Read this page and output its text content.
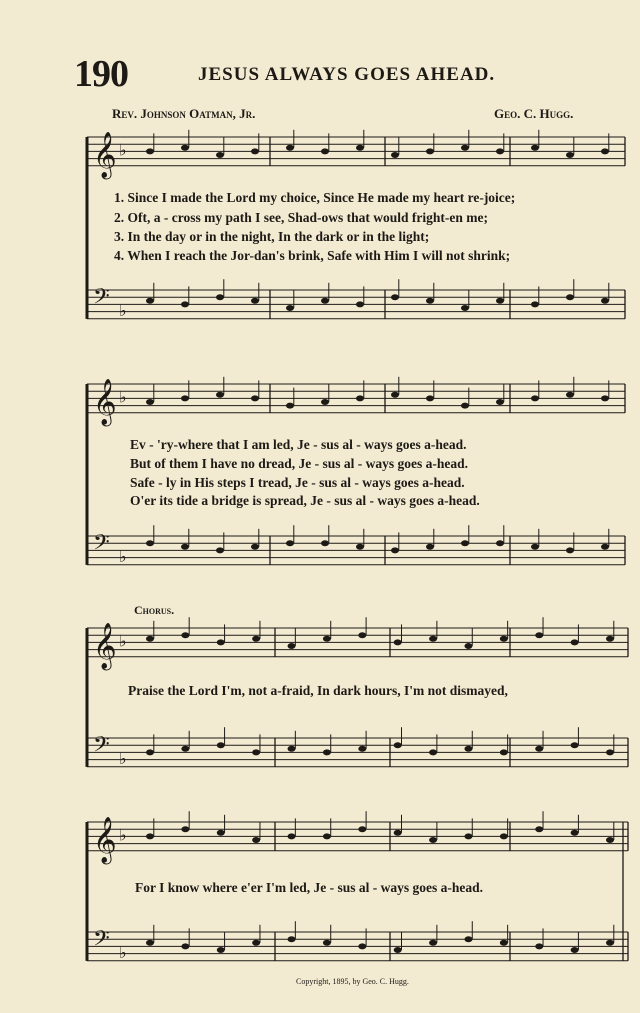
190	JESUS ALWAYS GOES AHEAD.
Rev. Johnson Oatman, Jr.	Geo. C. Hugg.
𝄞 ♭
𝄢 ♭
𝄞 ♭
𝄢 ♭
𝄞 ♭
𝄢 ♭
𝄞 ♭
𝄢 ♭
1. Since I made the Lord my choice, Since He made my heart re-joice;
2. Oft, a - cross my path I see, Shad-ows that would fright-en me;
3. In the day or in the night, In the dark or in the light;
4. When I reach the Jor-dan's brink, Safe with Him I will not shrink;
Ev - 'ry-where that I am led, Je - sus al - ways goes a-head.
But of them I have no dread, Je - sus al - ways goes a-head.
Safe - ly in His steps I tread, Je - sus al - ways goes a-head.
O'er its tide a bridge is spread, Je - sus al - ways goes a-head.
Chorus.
Praise the Lord I'm, not a-fraid, In dark hours, I'm not dismayed,
For I know where e'er I'm led, Je - sus al - ways goes a-head.
Copyright, 1895, by Geo. C. Hugg.
